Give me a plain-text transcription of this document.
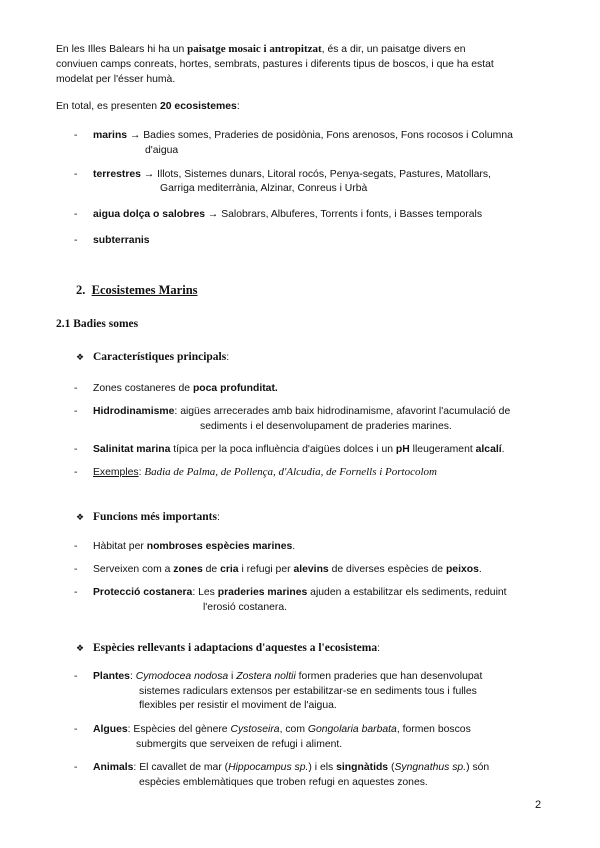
En les Illes Balears hi ha un paisatge mosaic i antropitzat, és a dir, un paisatge divers en
conviuen camps conreats, hortes, sembrats, pastures i diferents tipus de boscos, i que ha estat
modelat per l'ésser humà.
En total, es presenten 20 ecosistemes:
- marins → Badies somes, Praderies de posidònia, Fons arenosos, Fons rocosos i Columna
d'aigua
- terrestres → Illots, Sistemes dunars, Litoral rocós, Penya-segats, Pastures, Matollars,
Garriga mediterrània, Alzinar, Conreus i Urbà
- aigua dolça o salobres → Salobrars, Albuferes, Torrents i fonts, i Basses temporals
- subterranis
2. Ecosistemes Marins
2.1 Badies somes
❖ Característiques principals:
- Zones costaneres de poca profunditat.
- Hidrodinamisme: aigües arrecerades amb baix hidrodinamisme, afavorint l'acumulació de
sediments i el desenvolupament de praderies marines.
- Salinitat marina típica per la poca influència d'aigües dolces i un pH lleugerament alcalí.
- Exemples: Badia de Palma, de Pollença, d'Alcudia, de Fornells i Portocolom
❖ Funcions més importants:
- Hàbitat per nombroses espècies marines.
- Serveixen com a zones de cria i refugi per alevins de diverses espècies de peixos.
- Protecció costanera: Les praderies marines ajuden a estabilitzar els sediments, reduint
l'erosió costanera.
❖ Espècies rellevants i adaptacions d'aquestes a l'ecosistema:
- Plantes: Cymodocea nodosa i Zostera noltii formen praderies que han desenvolupat
sistemes radiculars extensos per estabilitzar-se en sediments tous i fulles
flexibles per resistir el moviment de l'aigua.
- Algues: Espècies del gènere Cystoseira, com Gongolaria barbata, formen boscos
submergits que serveixen de refugi i aliment.
- Animals: El cavallet de mar (Hippocampus sp.) i els singnàtids (Syngnathus sp.) són
espècies emblemàtiques que troben refugi en aquestes zones.
2
